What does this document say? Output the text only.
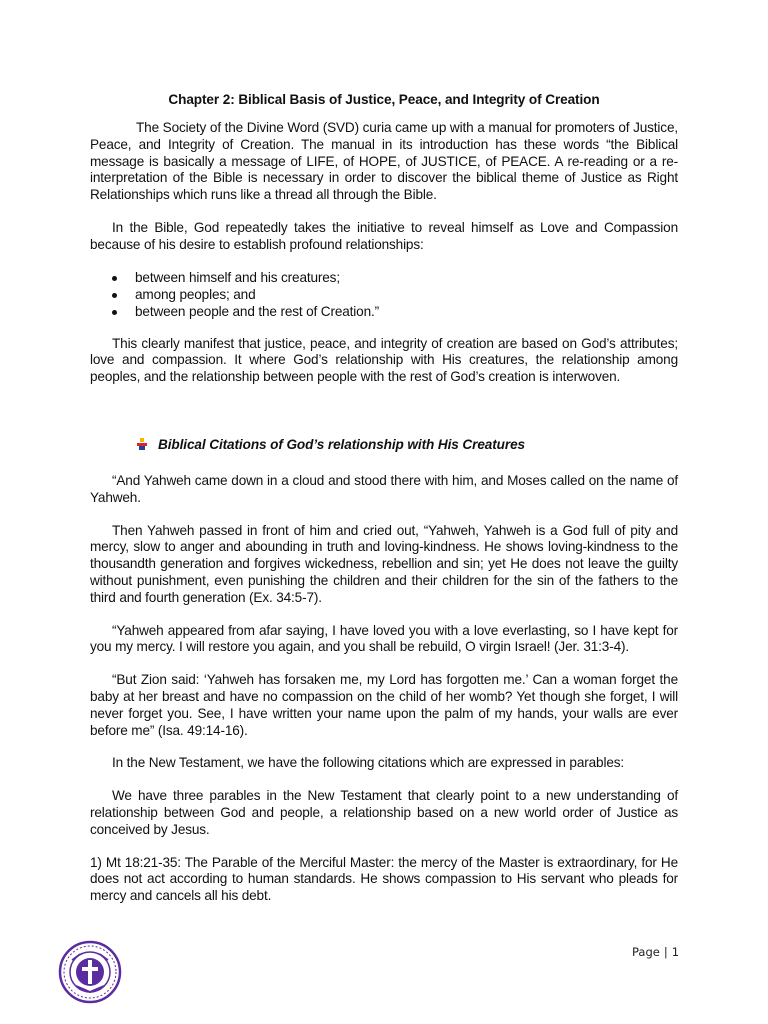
Chapter 2: Biblical Basis of Justice, Peace, and Integrity of Creation

The Society of the Divine Word (SVD) curia came up with a manual for promoters of Justice, Peace, and Integrity of Creation. The manual in its introduction has these words “the Biblical message is basically a message of LIFE, of HOPE, of JUSTICE, of PEACE. A re-reading or a re-interpretation of the Bible is necessary in order to discover the biblical theme of Justice as Right Relationships which runs like a thread all through the Bible.

In the Bible, God repeatedly takes the initiative to reveal himself as Love and Compassion because of his desire to establish profound relationships:

between himself and his creatures;
among peoples; and
between people and the rest of Creation.”

This clearly manifest that justice, peace, and integrity of creation are based on God’s attributes; love and compassion. It where God’s relationship with His creatures, the relationship among peoples, and the relationship between people with the rest of God’s creation is interwoven.

Biblical Citations of God’s relationship with His Creatures

“And Yahweh came down in a cloud and stood there with him, and Moses called on the name of Yahweh.

Then Yahweh passed in front of him and cried out, “Yahweh, Yahweh is a God full of pity and mercy, slow to anger and abounding in truth and loving-kindness. He shows loving-kindness to the thousandth generation and forgives wickedness, rebellion and sin; yet He does not leave the guilty without punishment, even punishing the children and their children for the sin of the fathers to the third and fourth generation (Ex. 34:5-7).

“Yahweh appeared from afar saying, I have loved you with a love everlasting, so I have kept for you my mercy. I will restore you again, and you shall be rebuild, O virgin Israel! (Jer. 31:3-4).

“But Zion said: ‘Yahweh has forsaken me, my Lord has forgotten me.’ Can a woman forget the baby at her breast and have no compassion on the child of her womb? Yet though she forget, I will never forget you. See, I have written your name upon the palm of my hands, your walls are ever before me” (Isa. 49:14-16).

In the New Testament, we have the following citations which are expressed in parables:

We have three parables in the New Testament that clearly point to a new understanding of relationship between God and people, a relationship based on a new world order of Justice as conceived by Jesus.

1) Mt 18:21-35: The Parable of the Merciful Master: the mercy of the Master is extraordinary, for He does not act according to human standards. He shows compassion to His servant who pleads for mercy and cancels all his debt.

Page | 1
